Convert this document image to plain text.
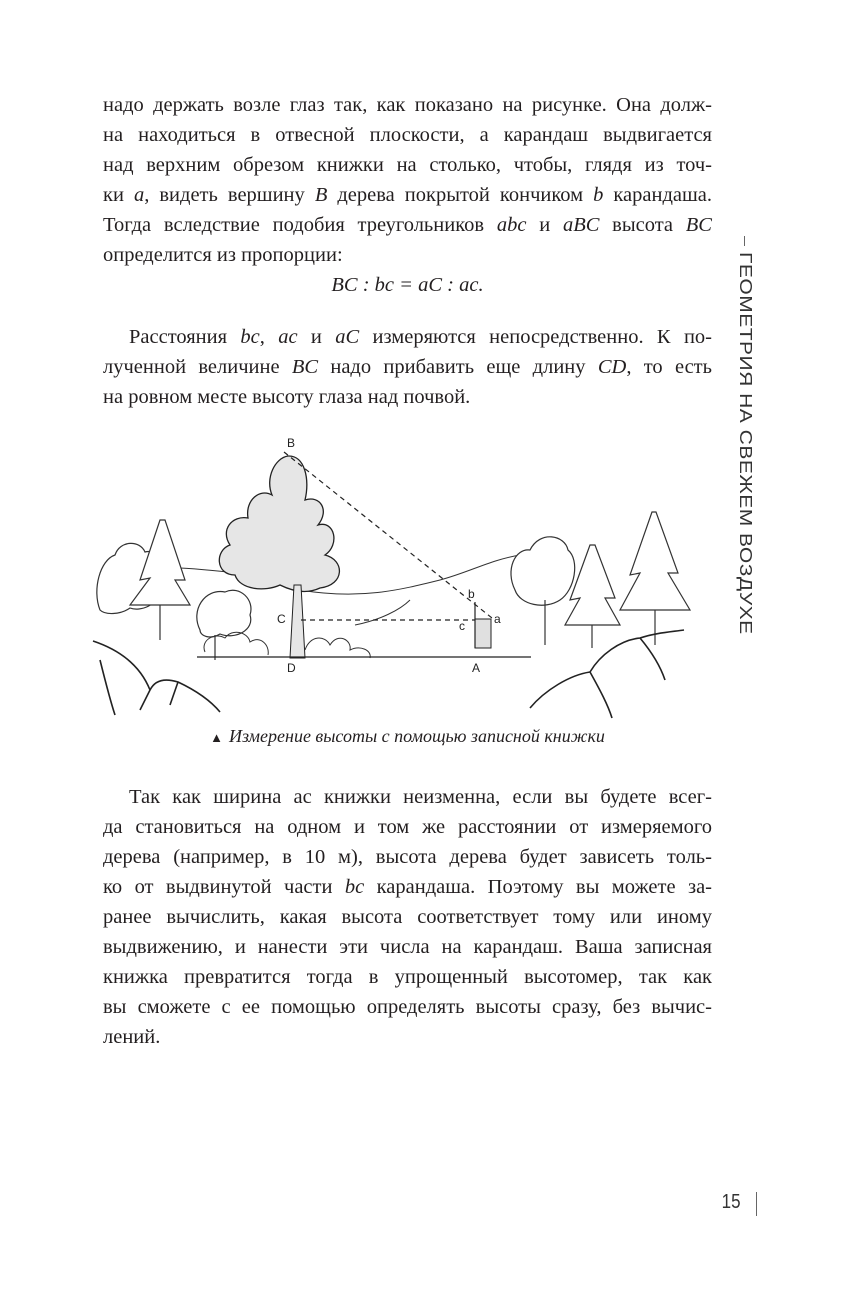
надо держать возле глаз так, как показано на рисунке. Она долж-
на находиться в отвесной плоскости, а карандаш выдвигается
над верхним обрезом книжки на столько, чтобы, глядя из точ-
ки a, видеть вершину B дерева покрытой кончиком b карандаша.
Тогда вследствие подобия треугольников abc и aBC высота BC
определится из пропорции:
BC : bc = aC : ac.
Расстояния bc, ac и aC измеряются непосредственно. К по-
лученной величине BC надо прибавить еще длину CD, то есть
на ровном месте высоту глаза над почвой.
B
C
D	A
a
b
c
▲ Измерение высоты с помощью записной книжки
Так как ширина ас книжки неизменна, если вы будете всег-
да становиться на одном и том же расстоянии от измеряемого
дерева (например, в 10 м), высота дерева будет зависеть толь-
ко от выдвинутой части bc карандаша. Поэтому вы можете за-
ранее вычислить, какая высота соответствует тому или иному
выдвижению, и нанести эти числа на карандаш. Ваша записная
книжка превратится тогда в упрощенный высотомер, так как
вы сможете с ее помощью определять высоты сразу, без вычис-
лений.
ГЕОМЕТРИЯ НА СВЕЖЕМ ВОЗДУХЕ
15
